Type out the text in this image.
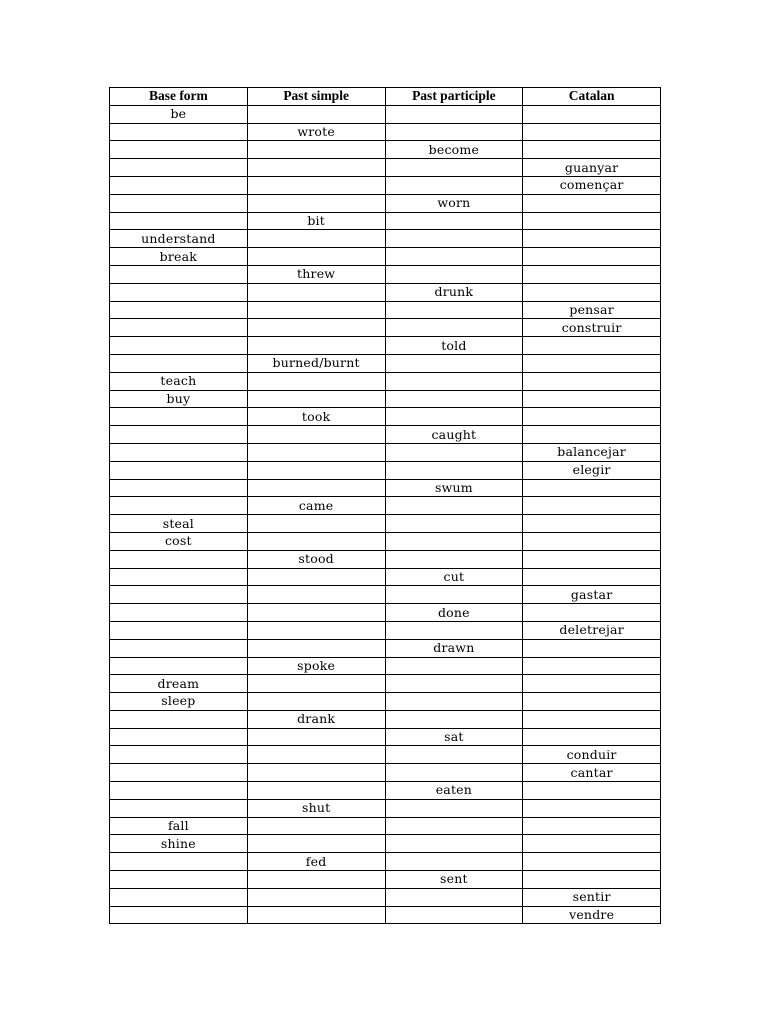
Base form	Past simple	Past participle	Catalan
be			
	wrote		
		become	
			guanyar
			començar
		worn	
	bit		
understand			
break			
	threw		
		drunk	
			pensar
			construir
		told	
	burned/burnt		
teach			
buy			
	took		
		caught	
			balancejar
			elegir
		swum	
	came		
steal			
cost			
	stood		
		cut	
			gastar
		done	
			deletrejar
		drawn	
	spoke		
dream			
sleep			
	drank		
		sat	
			conduir
			cantar
		eaten	
	shut		
fall			
shine			
	fed		
		sent	
			sentir
			vendre
